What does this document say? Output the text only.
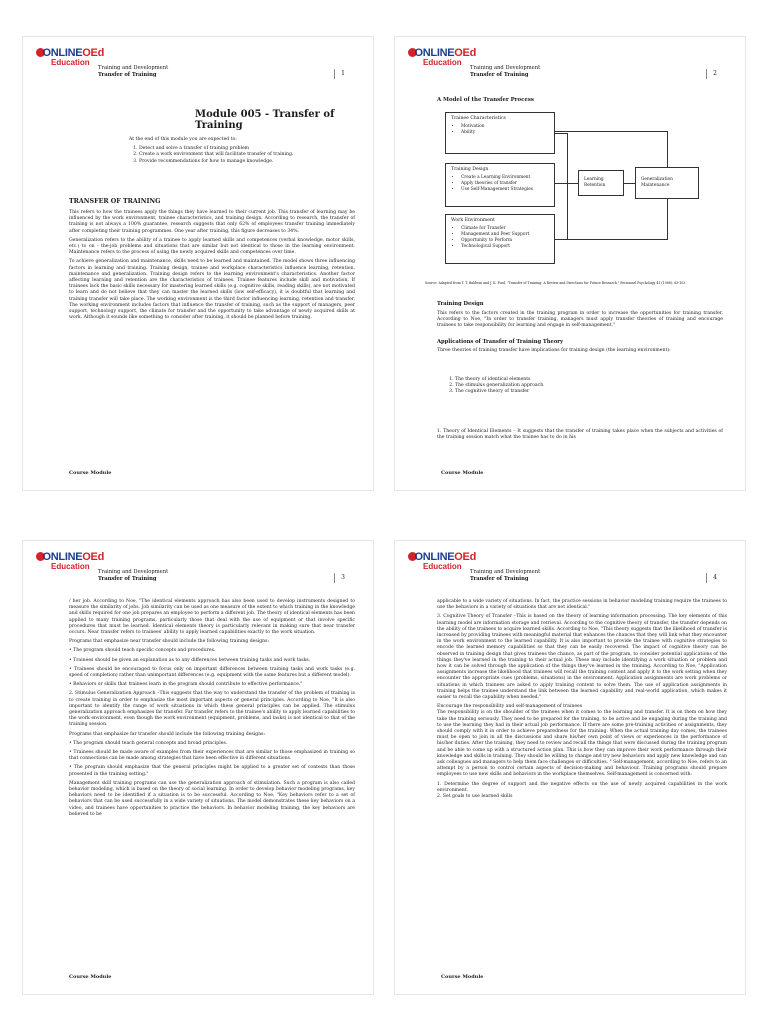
ONLINEOEd
Education
Training and Development
Transfer of Training	1
Module 005 - Transfer of Training

At the end of this module you are expected to:

1. Detect and solve a transfer of training problem
2. Create a work environment that will facilitate transfer of training.
3. Provide recommendations for how to manage knowledge.
TRANSFER OF TRAINING

This refers to how the trainees apply the things they have learned to their current job. This transfer of learning may be influenced by the work environment, trainee characteristics, and training design. According to research, the transfer of training is not always a 100% guarantee, research suggests that only 62% of employees transfer training immediately after completing their training programmes. One year after training, this figure decreases to 34%.

Generalization refers to the ability of a trainee to apply learned skills and competences (verbal knowledge, motor skills, etc.) to on - the-job problems and situations that are similar but not identical to those in the learning environment. Maintenance refers to the process of using the newly acquired skills and competences over time.

To achieve generalization and maintenance, skills need to be learned and maintained. The model shows three influencing factors in learning and training. Training design, trainee and workplace characteristics influence learning, retention, maintenance and generalization. Training design refers to the learning environment's characteristics. Another factor affecting learning and retention are the characteristics of trainees. Trainee features include skill and motivation. If trainees lack the basic skills necessary for mastering learned skills (e.g. cognitive skills, reading skills), are not motivated to learn and do not believe that they can master the learned skills (low self-efficacy), it is doubtful that learning and training transfer will take place. The working environment is the third factor influencing learning, retention and transfer. The working environment includes factors that influence the transfer of training, such as the support of managers, peer support, technology support, the climate for transfer and the opportunity to take advantage of newly acquired skills at work. Although it sounds like something to consider after training, it should be planned before training.

Course Module
ONLINEOEd
Education
Training and Development
Transfer of Training	2
A Model of the Transfer Process
Trainee Characteristics
• Motivation
• Ability
Training Design
• Create a Learning Environment
• Apply theories of transfer
• Use Self-Management Strategies
Work Environment
• Climate for Transfer
• Management and Peer Support
• Opportunity to Perform
• Technological Support
Learning Retention
Generalization Maintenance
Source: Adapted from T. T. Baldwin and J. K. Ford, "Transfer of Training: A Review and Directions for Future Research," Personnel Psychology 41 (1988): 63-103.
Training Design

This refers to the factors created in the training program in order to increase the opportunities for training transfer. According to Noe, "In order to transfer training, managers must apply transfer theories of training and encourage trainees to take responsibility for learning and engage in self-management."

Applications of Transfer of Training Theory

Three theories of training transfer have implications for training design (the learning environment):

1. The theory of identical elements
2. The stimulus generalization approach
3. The cognitive theory of transfer

1. Theory of Identical Elements – It suggests that the transfer of training takes place when the subjects and activities of the training session match what the trainee has to do in his

Course Module
ONLINEOEd
Education
Training and Development
Transfer of Training	3

/ her job. According to Noe, "The identical elements approach has also been used to develop instruments designed to measure the similarity of jobs. Job similarity can be used as one measure of the extent to which training in the knowledge and skills required for one job prepares an employee to perform a different job. The theory of identical elements has been applied to many training programs, particularly those that deal with the use of equipment or that involve specific procedures that must be learned. Identical elements theory is particularly relevant in making sure that near transfer occurs. Near transfer refers to trainees' ability to apply learned capabilities exactly to the work situation.

Programs that emphasize near transfer should include the following training designs:

• The program should teach specific concepts and procedures.

• Trainees should be given an explanation as to any differences between training tasks and work tasks.

• Trainees should be encouraged to focus only on important differences between training tasks and work tasks (e.g. speed of completion) rather than unimportant differences (e.g. equipment with the same features but a different model).

• Behaviors or skills that trainees learn in the program should contribute to effective performance."

2. Stimulus Generalization Approach –This suggests that the way to understand the transfer of the problem of training is to create training in order to emphasize the most important aspects or general principles. According to Noe, "It is also important to identify the range of work situations in which these general principles can be applied. The stimulus generalization approach emphasizes far transfer. Far transfer refers to the trainee's ability to apply learned capabilities to the work environment, even though the work environment (equipment, problems, and tasks) is not identical to that of the training session.

Programs that emphasize far transfer should include the following training designs:

• The program should teach general concepts and broad principles.

• Trainees should be made aware of examples from their experiences that are similar to those emphasized in training so that connections can be made among strategies that have been effective in different situations.

• The program should emphasize that the general principles might be applied to a greater set of contexts than those presented in the training setting."

Management skill training programs can use the generalization approach of stimulation. Such a program is also called behavior modeling, which is based on the theory of social learning. In order to develop behavior modeling programs, key behaviors need to be identified if a situation is to be successful. According to Noe, "Key behaviors refer to a set of behaviors that can be used successfully in a wide variety of situations. The model demonstrates these key behaviors on a video, and trainees have opportunities to practice the behaviors. In behavior modeling training, the key behaviors are believed to be

Course Module
ONLINEOEd
Education
Training and Development
Transfer of Training	4

applicable to a wide variety of situations. In fact, the practice sessions in behavior modeling training require the trainees to use the behaviors in a variety of situations that are not identical."

3. Cognitive Theory of Transfer –This is based on the theory of learning information processing. The key elements of this learning model are information storage and retrieval. According to the cognitive theory of transfer, the transfer depends on the ability of the trainees to acquire learned skills. According to Noe, "This theory suggests that the likelihood of transfer is increased by providing trainees with meaningful material that enhances the chances that they will link what they encounter in the work environment to the learned capability. It is also important to provide the trainee with cognitive strategies to encode the learned memory capabilities so that they can be easily recovered. The impact of cognitive theory can be observed in training design that gives trainees the chance, as part of the program, to consider potential applications of the things they've learned in the training to their actual job. These may include identifying a work situation or problem and how it can be solved through the application of the things they've learned in the training. According to Noe, "Application assignments increase the likelihood that trainees will recall the training content and apply it to the work setting when they encounter the appropriate cues (problems, situations) in the environment. Application assignments are work problems or situations in which trainees are asked to apply training content to solve them. The use of application assignments in training helps the trainee understand the link between the learned capability and real-world application, which makes it easier to recall the capability when needed."

Encourage the responsibility and self-management of trainees

The responsibility is on the shoulder of the trainees when it comes to the learning and transfer. It is on them on how they take the training seriously. They need to be prepared for the training, to be active and be engaging during the training and to use the learning they had in their actual job performance. If there are some pre-training activities or assignments, they should comply with it in order to achieve preparedness for the training. When the actual training day comes, the trainees must be open to join in all the discussions and share his/her own point of views or experiences in the performance of his/her duties. After the training, they need to review and recall the things that were discussed during the training program and be able to come up with a structured action plan. This is how they can improve their work performance through their knowledge and skills in training. They should be willing to change and try new behaviors and apply new knowledge and can ask colleagues and managers to help them face challenges or difficulties. " Self-management, according to Noe, refers to an attempt by a person to control certain aspects of decision-making and behaviour. Training programs should prepare employees to use new skills and behaviors in the workplace themselves. Self-management is concerned with:

1. Determine the degree of support and the negative effects on the use of newly acquired capabilities in the work environment.

2. Set goals to use learned skills

Course Module
